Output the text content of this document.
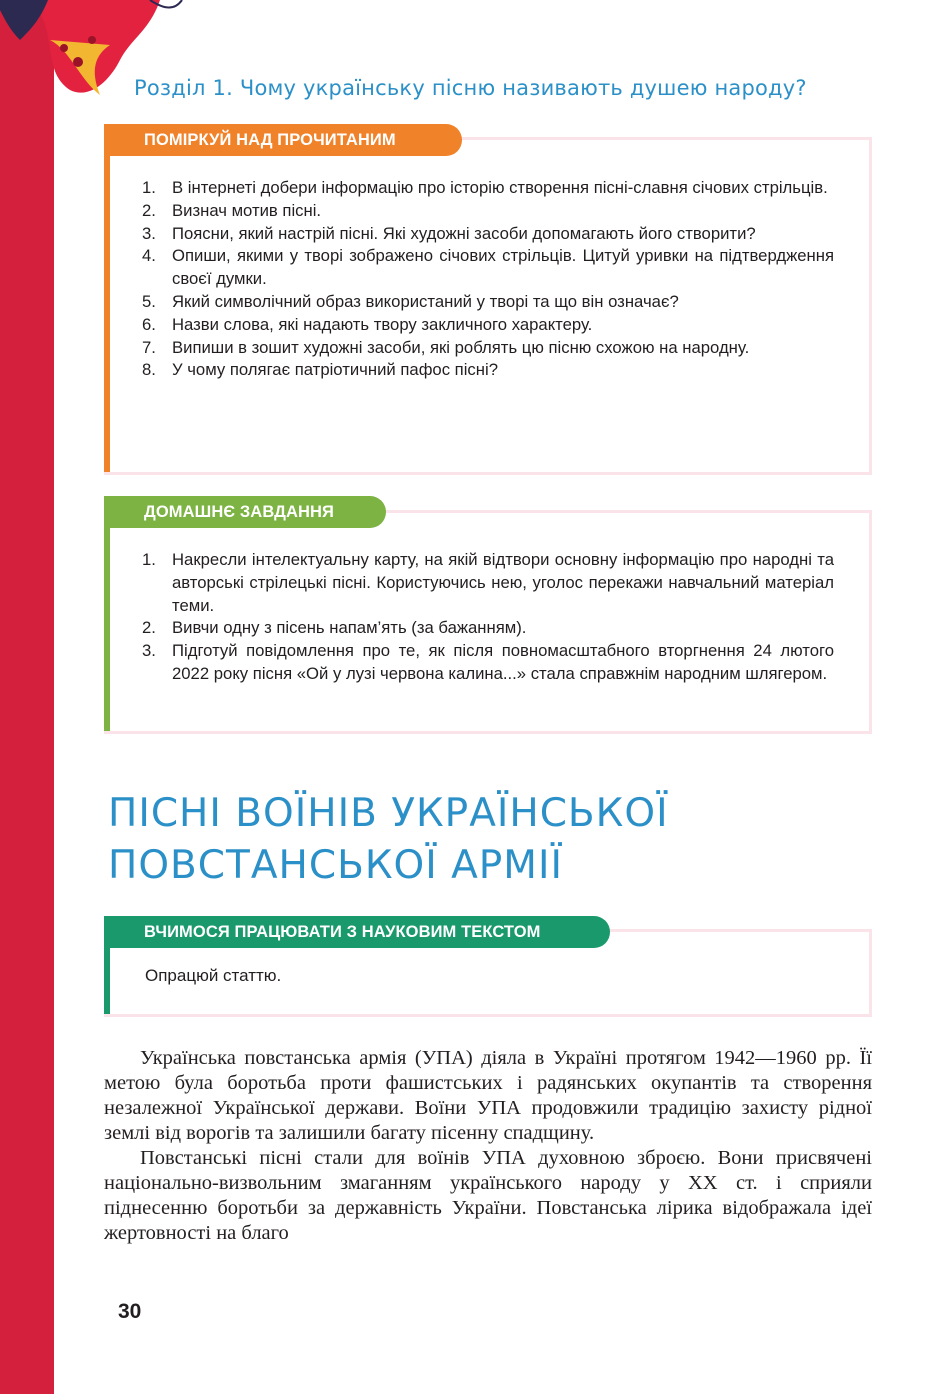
Розділ 1. Чому українську пісню називають душею народу?
ПОМІРКУЙ НАД ПРОЧИТАНИМ
1. В інтернеті добери інформацію про історію створення пісні-славня січових стрільців.
2. Визнач мотив пісні.
3. Поясни, який настрій пісні. Які художні засоби допомагають його створити?
4. Опиши, якими у творі зображено січових стрільців. Цитуй уривки на підтвердження своєї думки.
5. Який символічний образ використаний у творі та що він означає?
6. Назви слова, які надають твору закличного характеру.
7. Випиши в зошит художні засоби, які роблять цю пісню схожою на народну.
8. У чому полягає патріотичний пафос пісні?
ДОМАШНЄ ЗАВДАННЯ
1. Накресли інтелектуальну карту, на якій відтвори основну інформацію про народні та авторські стрілецькі пісні. Користуючись нею, уголос перекажи навчальний матеріал теми.
2. Вивчи одну з пісень напам’ять (за бажанням).
3. Підготуй повідомлення про те, як після повномасштабного вторгнення 24 лютого 2022 року пісня «Ой у лузі червона калина...» стала справжнім народним шлягером.
ПІСНІ ВОЇНІВ УКРАЇНСЬКОЇ
ПОВСТАНСЬКОЇ АРМІЇ
ВЧИМОСЯ ПРАЦЮВАТИ З НАУКОВИМ ТЕКСТОМ
Опрацюй статтю.

Українська повстанська армія (УПА) діяла в Україні протягом 1942—1960 рр. Її метою була боротьба проти фашистських і радянських окупантів та створення незалежної Української держави. Воїни УПА продовжили традицію захисту рідної землі від ворогів та залишили багату пісенну спадщину.

Повстанські пісні стали для воїнів УПА духовною зброєю. Вони присвячені національно-визвольним змаганням українського народу у XX ст. і сприяли піднесенню боротьби за державність України. Повстанська лірика відображала ідеї жертовності на благо

30
